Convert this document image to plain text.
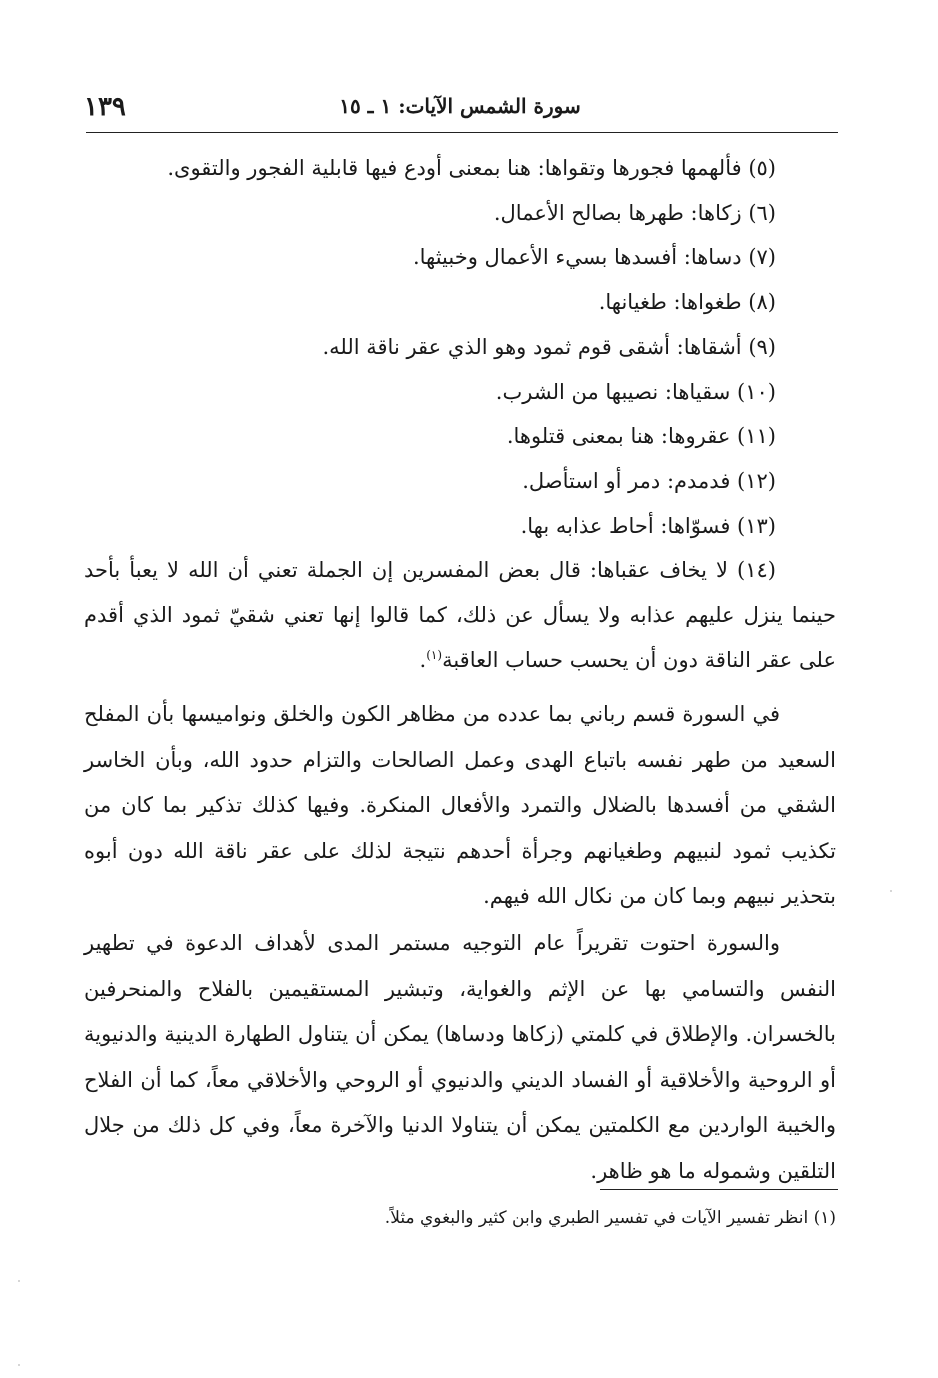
١٣٩	سورة الشمس الآيات: ١ ـ ١٥
(٥) فألهمها فجورها وتقواها: هنا بمعنى أودع فيها قابلية الفجور والتقوى.
(٦) زكاها: طهرها بصالح الأعمال.
(٧) دساها: أفسدها بسيء الأعمال وخبيثها.
(٨) طغواها: طغيانها.
(٩) أشقاها: أشقى قوم ثمود وهو الذي عقر ناقة الله.
(١٠) سقياها: نصيبها من الشرب.
(١١) عقروها: هنا بمعنى قتلوها.
(١٢) فدمدم: دمر أو استأصل.
(١٣) فسوّاها: أحاط عذابه بها.
(١٤) لا يخاف عقباها: قال بعض المفسرين إن الجملة تعني أن الله لا يعبأ بأحد حينما ينزل عليهم عذابه ولا يسأل عن ذلك، كما قالوا إنها تعني شقيّ ثمود الذي أقدم على عقر الناقة دون أن يحسب حساب العاقبة$^{(١)}$.
في السورة قسم رباني بما عدده من مظاهر الكون والخلق ونواميسها بأن المفلح السعيد من طهر نفسه باتباع الهدى وعمل الصالحات والتزام حدود الله، وبأن الخاسر الشقي من أفسدها بالضلال والتمرد والأفعال المنكرة. وفيها كذلك تذكير بما كان من تكذيب ثمود لنبيهم وطغيانهم وجرأة أحدهم نتيجة لذلك على عقر ناقة الله دون أبوه بتحذير نبيهم وبما كان من نكال الله فيهم.
والسورة احتوت تقريراً عام التوجيه مستمر المدى لأهداف الدعوة في تطهير النفس والتسامي بها عن الإثم والغواية، وتبشير المستقيمين بالفلاح والمنحرفين بالخسران. والإطلاق في كلمتي (زكاها ودساها) يمكن أن يتناول الطهارة الدينية والدنيوية أو الروحية والأخلاقية أو الفساد الديني والدنيوي أو الروحي والأخلاقي معاً، كما أن الفلاح والخيبة الواردين مع الكلمتين يمكن أن يتناولا الدنيا والآخرة معاً، وفي كل ذلك من جلال التلقين وشموله ما هو ظاهر.
(١) انظر تفسير الآيات في تفسير الطبري وابن كثير والبغوي مثلاً.
